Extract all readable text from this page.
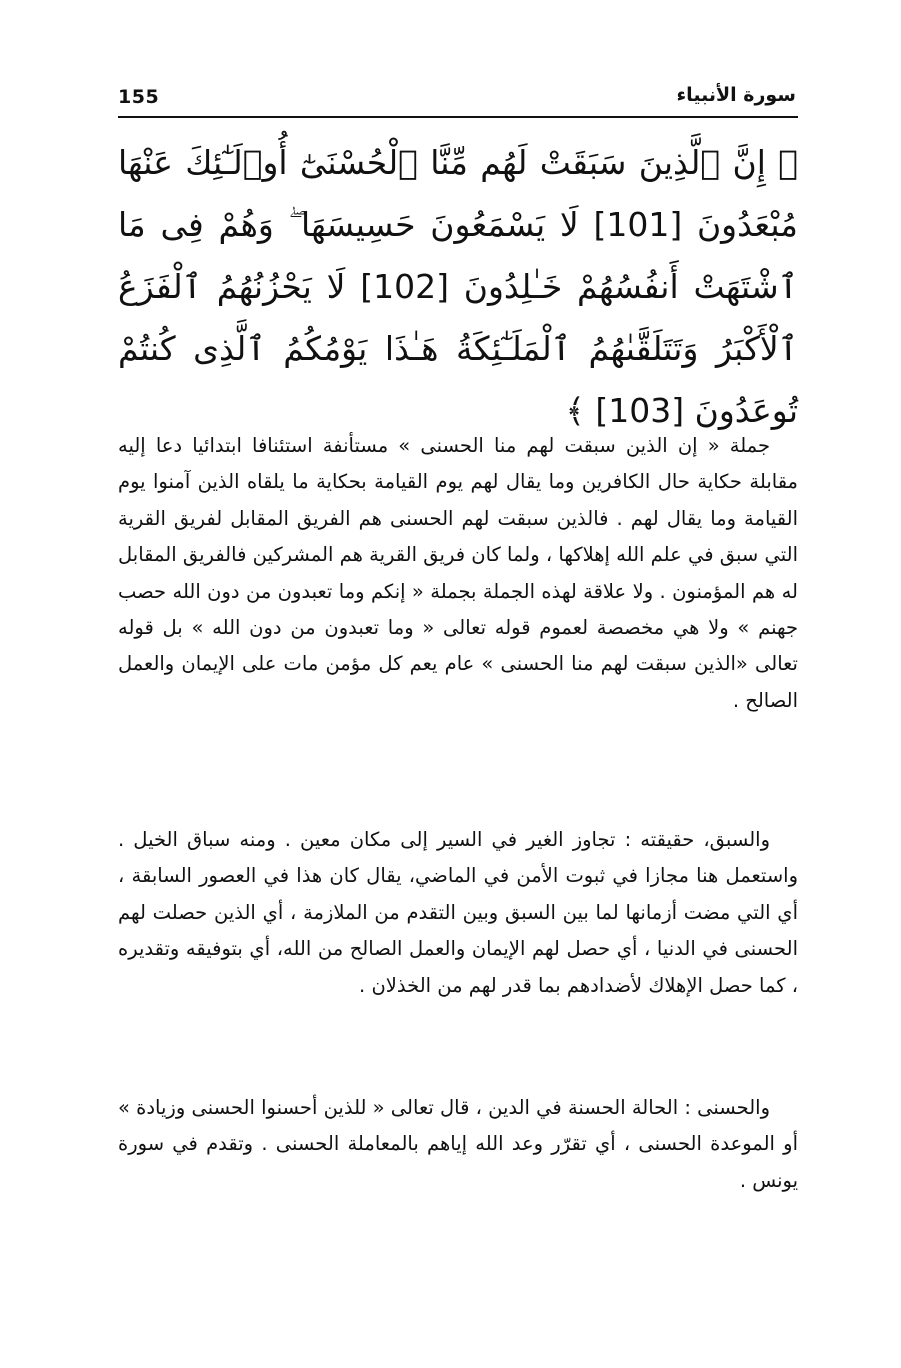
155	سورة الأنبياء
﴿ إِنَّ ٱلَّذِينَ سَبَقَتْ لَهُم مِّنَّا ٱلْحُسْنَىٰٓ أُو۟لَـٰٓئِكَ عَنْهَا مُبْعَدُونَ [101] لَا يَسْمَعُونَ حَسِيسَهَا ۖ وَهُمْ فِى مَا ٱشْتَهَتْ أَنفُسُهُمْ خَـٰلِدُونَ [102] لَا يَحْزُنُهُمُ ٱلْفَزَعُ ٱلْأَكْبَرُ وَتَتَلَقَّىٰهُمُ ٱلْمَلَـٰٓئِكَةُ هَـٰذَا يَوْمُكُمُ ٱلَّذِى كُنتُمْ تُوعَدُونَ [103] ﴾

جملة « إن الذين سبقت لهم منا الحسنى » مستأنفة استئنافا ابتدائيا دعا إليه مقابلة حكاية حال الكافرين وما يقال لهم يوم القيامة بحكاية ما يلقاه الذين آمنوا يوم القيامة وما يقال لهم . فالذين سبقت لهم الحسنى هم الفريق المقابل لفريق القرية التي سبق في علم الله إهلاكها ، ولما كان فريق القرية هم المشركين فالفريق المقابل له هم المؤمنون . ولا علاقة لهذه الجملة بجملة « إنكم وما تعبدون من دون الله حصب جهنم » ولا هي مخصصة لعموم قوله تعالى « وما تعبدون من دون الله » بل قوله تعالى «الذين سبقت لهم منا الحسنى » عام يعم كل مؤمن مات على الإيمان والعمل الصالح .

والسبق، حقيقته : تجاوز الغير في السير إلى مكان معين . ومنه سباق الخيل . واستعمل هنا مجازا في ثبوت الأمن في الماضي، يقال كان هذا في العصور السابقة ، أي التي مضت أزمانها لما بين السبق وبين التقدم من الملازمة ، أي الذين حصلت لهم الحسنى في الدنيا ، أي حصل لهم الإيمان والعمل الصالح من الله، أي بتوفيقه وتقديره ، كما حصل الإهلاك لأضدادهم بما قدر لهم من الخذلان .

والحسنى : الحالة الحسنة في الدين ، قال تعالى « للذين أحسنوا الحسنى وزيادة » أو الموعدة الحسنى ، أي تقرّر وعد الله إياهم بالمعاملة الحسنى . وتقدم في سورة يونس .
